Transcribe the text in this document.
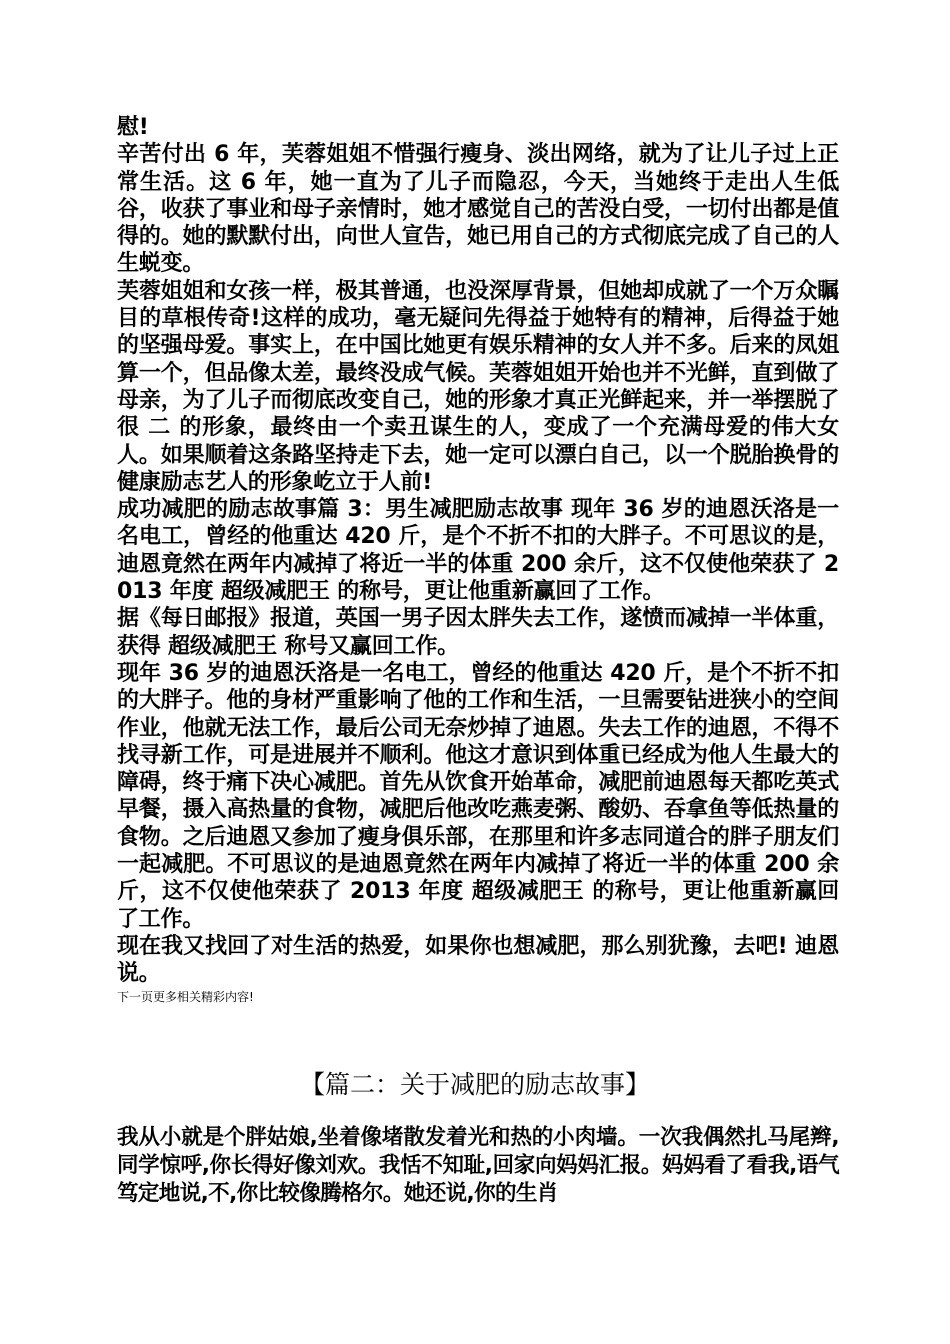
慰!

辛苦付出 6 年，芙蓉姐姐不惜强行瘦身、淡出网络，就为了让儿子过上正常生活。这 6 年，她一直为了儿子而隐忍，今天，当她终于走出人生低谷，收获了事业和母子亲情时，她才感觉自己的苦没白受，一切付出都是值得的。她的默默付出，向世人宣告，她已用自己的方式彻底完成了自己的人生蜕变。

芙蓉姐姐和女孩一样，极其普通，也没深厚背景，但她却成就了一个万众瞩目的草根传奇!这样的成功，毫无疑问先得益于她特有的精神，后得益于她的坚强母爱。事实上，在中国比她更有娱乐精神的女人并不多。后来的凤姐算一个，但品像太差，最终没成气候。芙蓉姐姐开始也并不光鲜，直到做了母亲，为了儿子而彻底改变自己，她的形象才真正光鲜起来，并一举摆脱了很 二 的形象，最终由一个卖丑谋生的人，变成了一个充满母爱的伟大女人。如果顺着这条路坚持走下去，她一定可以漂白自己，以一个脱胎换骨的健康励志艺人的形象屹立于人前!

成功减肥的励志故事篇 3：男生减肥励志故事 现年 36 岁的迪恩沃洛是一名电工，曾经的他重达 420 斤，是个不折不扣的大胖子。不可思议的是，迪恩竟然在两年内减掉了将近一半的体重 200 余斤，这不仅使他荣获了 2013 年度 超级减肥王 的称号，更让他重新赢回了工作。

据《每日邮报》报道，英国一男子因太胖失去工作，遂愤而减掉一半体重，获得 超级减肥王 称号又赢回工作。

现年 36 岁的迪恩沃洛是一名电工，曾经的他重达 420 斤，是个不折不扣的大胖子。他的身材严重影响了他的工作和生活，一旦需要钻进狭小的空间作业，他就无法工作，最后公司无奈炒掉了迪恩。失去工作的迪恩，不得不找寻新工作，可是进展并不顺利。他这才意识到体重已经成为他人生最大的障碍，终于痛下决心减肥。首先从饮食开始革命，减肥前迪恩每天都吃英式早餐，摄入高热量的食物，减肥后他改吃燕麦粥、酸奶、吞拿鱼等低热量的食物。之后迪恩又参加了瘦身俱乐部，在那里和许多志同道合的胖子朋友们一起减肥。不可思议的是迪恩竟然在两年内减掉了将近一半的体重 200 余斤，这不仅使他荣获了 2013 年度 超级减肥王 的称号，更让他重新赢回了工作。

现在我又找回了对生活的热爱，如果你也想减肥，那么别犹豫，去吧! 迪恩说。

下一页更多相关精彩内容!

【篇二：关于减肥的励志故事】

我从小就是个胖姑娘,坐着像堵散发着光和热的小肉墙。一次我偶然扎马尾辫,同学惊呼,你长得好像刘欢。我恬不知耻,回家向妈妈汇报。妈妈看了看我,语气笃定地说,不,你比较像腾格尔。她还说,你的生肖
